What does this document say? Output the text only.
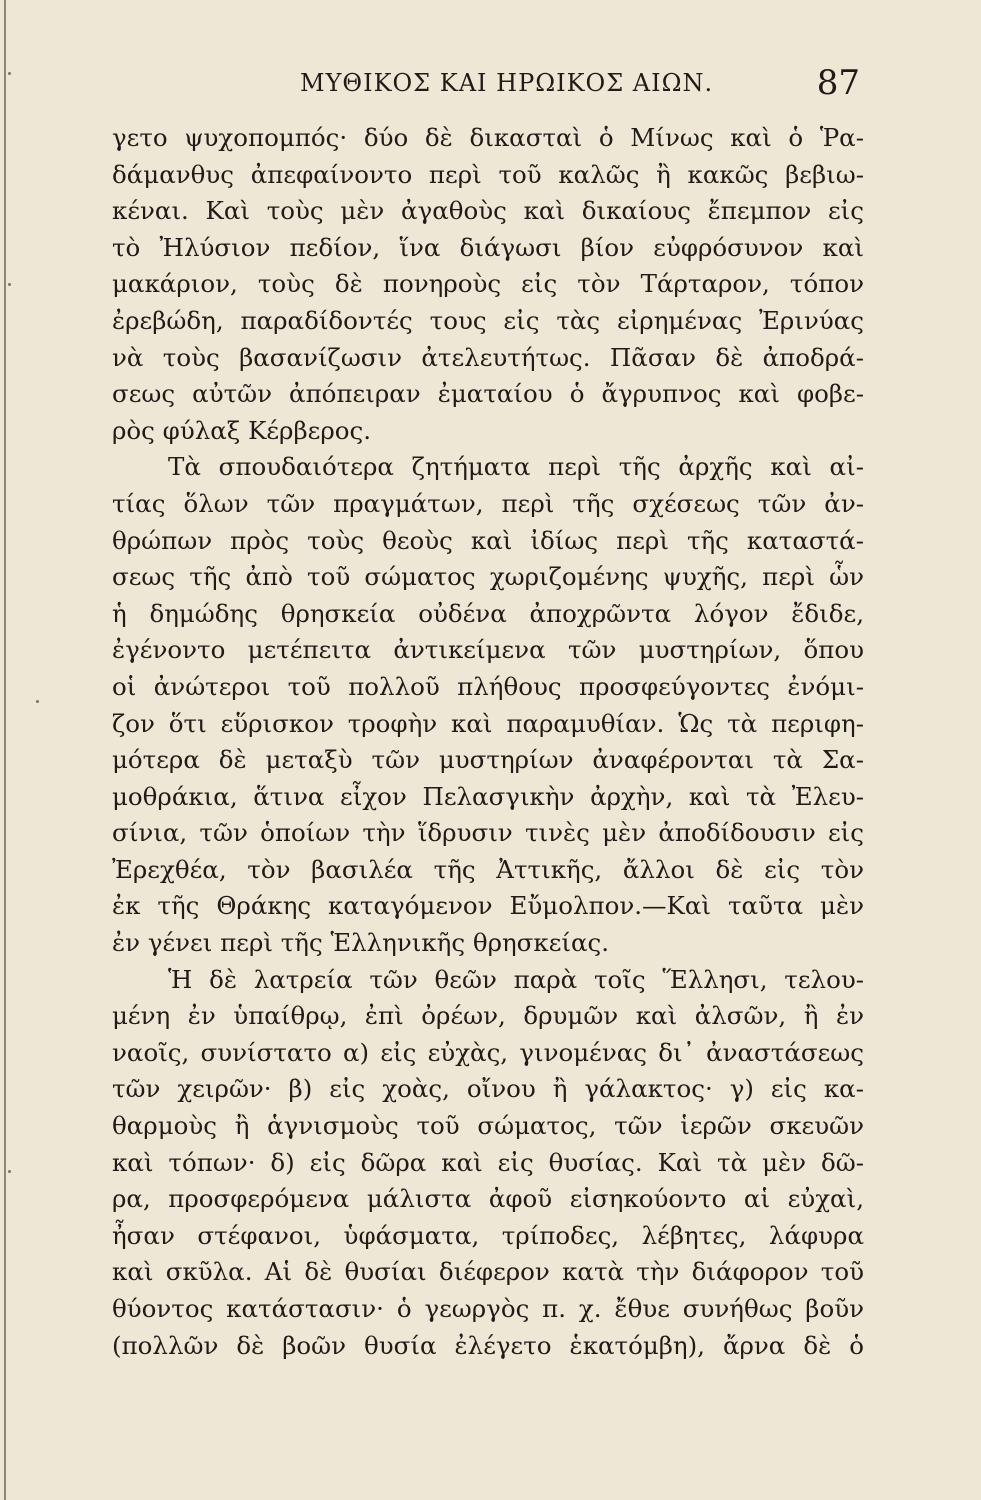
ΜΥΘΙΚΟΣ ΚΑΙ ΗΡΩΙΚΟΣ ΑΙΩΝ.	87
γετο ψυχοπομπός· δύο δὲ δικασταὶ ὁ Μίνως καὶ ὁ Ῥα-
δάμανθυς ἀπεφαίνοντο περὶ τοῦ καλῶς ἢ κακῶς βεβιω-
κέναι. Καὶ τοὺς μὲν ἀγαθοὺς καὶ δικαίους ἔπεμπον εἰς
τὸ Ἠλύσιον πεδίον, ἵνα διάγωσι βίον εὐφρόσυνον καὶ
μακάριον, τοὺς δὲ πονηροὺς εἰς τὸν Τάρταρον, τόπον
ἐρεβώδη, παραδίδοντές τους εἰς τὰς εἰρημένας Ἐρινύας
νὰ τοὺς βασανίζωσιν ἀτελευτήτως. Πᾶσαν δὲ ἀποδρά-
σεως αὐτῶν ἀπόπειραν ἐματαίου ὁ ἄγρυπνος καὶ φοβε-
ρὸς φύλαξ Κέρβερος.
Τὰ σπουδαιότερα ζητήματα περὶ τῆς ἀρχῆς καὶ αἰ-
τίας ὅλων τῶν πραγμάτων, περὶ τῆς σχέσεως τῶν ἀν-
θρώπων πρὸς τοὺς θεοὺς καὶ ἰδίως περὶ τῆς καταστά-
σεως τῆς ἀπὸ τοῦ σώματος χωριζομένης ψυχῆς, περὶ ὧν
ἡ δημώδης θρησκεία οὐδένα ἀποχρῶντα λόγον ἔδιδε,
ἐγένοντο μετέπειτα ἀντικείμενα τῶν μυστηρίων, ὅπου
οἱ ἀνώτεροι τοῦ πολλοῦ πλήθους προσφεύγοντες ἐνόμι-
ζον ὅτι εὕρισκον τροφὴν καὶ παραμυθίαν. Ὡς τὰ περιφη-
μότερα δὲ μεταξὺ τῶν μυστηρίων ἀναφέρονται τὰ Σα-
μοθράκια, ἅτινα εἶχον Πελασγικὴν ἀρχὴν, καὶ τὰ Ἐλευ-
σίνια, τῶν ὁποίων τὴν ἵδρυσιν τινὲς μὲν ἀποδίδουσιν εἰς
Ἐρεχθέα, τὸν βασιλέα τῆς Ἀττικῆς, ἄλλοι δὲ εἰς τὸν
ἐκ τῆς Θράκης καταγόμενον Εὔμολπον.—Καὶ ταῦτα μὲν
ἐν γένει περὶ τῆς Ἑλληνικῆς θρησκείας.
Ἡ δὲ λατρεία τῶν θεῶν παρὰ τοῖς Ἕλλησι, τελου-
μένη ἐν ὑπαίθρῳ, ἐπὶ ὀρέων, δρυμῶν καὶ ἀλσῶν, ἢ ἐν
ναοῖς, συνίστατο α) εἰς εὐχὰς, γινομένας δι᾽ ἀναστάσεως
τῶν χειρῶν· β) εἰς χοὰς, οἴνου ἢ γάλακτος· γ) εἰς κα-
θαρμοὺς ἢ ἁγνισμοὺς τοῦ σώματος, τῶν ἱερῶν σκευῶν
καὶ τόπων· δ) εἰς δῶρα καὶ εἰς θυσίας. Καὶ τὰ μὲν δῶ-
ρα, προσφερόμενα μάλιστα ἀφοῦ εἰσηκούοντο αἱ εὐχαὶ,
ἦσαν στέφανοι, ὑφάσματα, τρίποδες, λέβητες, λάφυρα
καὶ σκῦλα. Αἱ δὲ θυσίαι διέφερον κατὰ τὴν διάφορον τοῦ
θύοντος κατάστασιν· ὁ γεωργὸς π. χ. ἔθυε συνήθως βοῦν
(πολλῶν δὲ βοῶν θυσία ἐλέγετο ἑκατόμβη), ἄρνα δὲ ὁ
